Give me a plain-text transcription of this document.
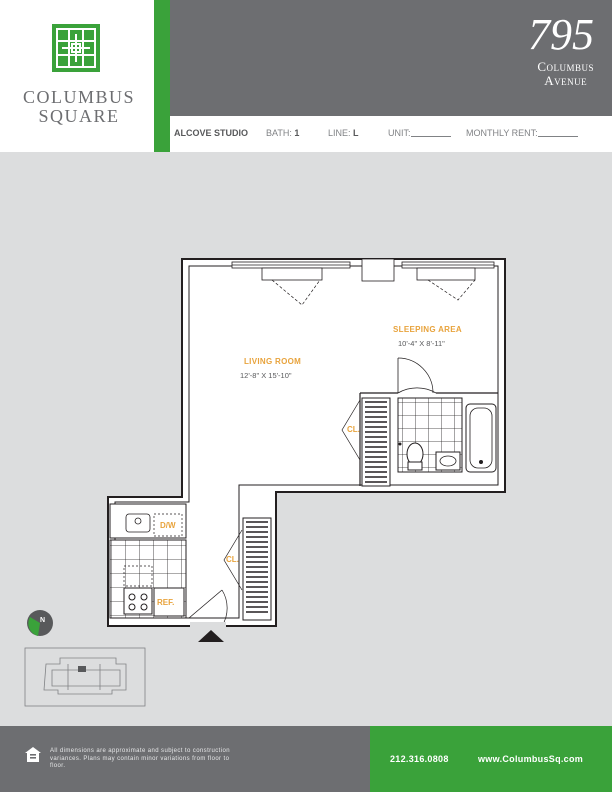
COLUMBUS
SQUARE
795
Columbus
Avenue
ALCOVE STUDIO BATH: 1	LINE: L	UNIT:	MONTHLY RENT:
LIVING ROOM
12'-8" X 15'-10"
SLEEPING AREA
10'-4" X 8'-11"
CL.
CL.
D/W
REF.
N
All dimensions are approximate and subject to construction variances. Plans may contain minor variations from floor to floor.
212.316.0808	www.ColumbusSq.com
